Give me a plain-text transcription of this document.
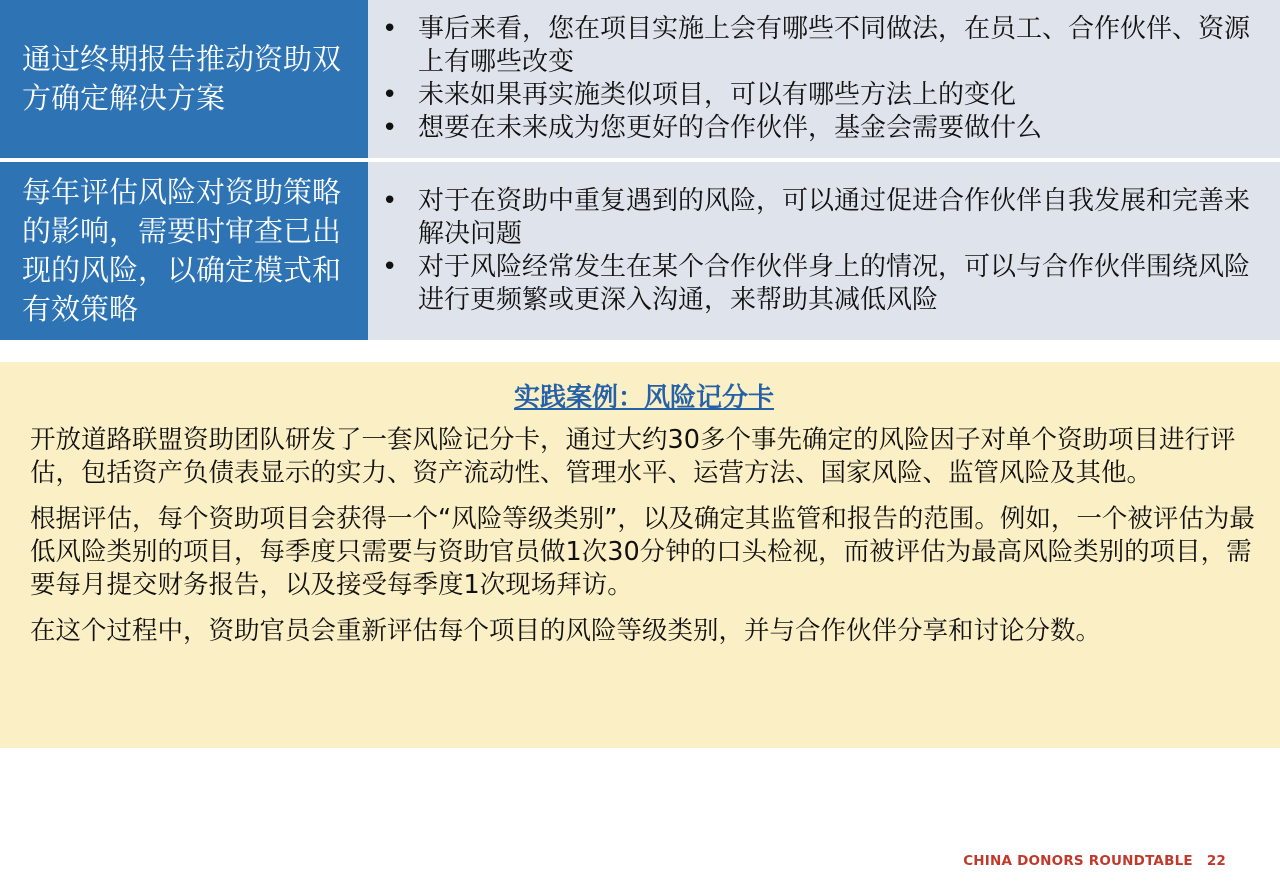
通过终期报告推动资助双方确定解决方案
• 事后来看，您在项目实施上会有哪些不同做法，在员工、合作伙伴、资源上有哪些改变
• 未来如果再实施类似项目，可以有哪些方法上的变化
• 想要在未来成为您更好的合作伙伴，基金会需要做什么
每年评估风险对资助策略的影响，需要时审查已出现的风险，以确定模式和有效策略
• 对于在资助中重复遇到的风险，可以通过促进合作伙伴自我发展和完善来解决问题
• 对于风险经常发生在某个合作伙伴身上的情况，可以与合作伙伴围绕风险进行更频繁或更深入沟通，来帮助其减低风险
实践案例：风险记分卡
开放道路联盟资助团队研发了一套风险记分卡，通过大约30多个事先确定的风险因子对单个资助项目进行评估，包括资产负债表显示的实力、资产流动性、管理水平、运营方法、国家风险、监管风险及其他。
根据评估，每个资助项目会获得一个“风险等级类别”，以及确定其监管和报告的范围。例如，一个被评估为最低风险类别的项目，每季度只需要与资助官员做1次30分钟的口头检视，而被评估为最高风险类别的项目，需要每月提交财务报告，以及接受每季度1次现场拜访。
在这个过程中，资助官员会重新评估每个项目的风险等级类别，并与合作伙伴分享和讨论分数。
CHINA DONORS ROUNDTABLE 22
